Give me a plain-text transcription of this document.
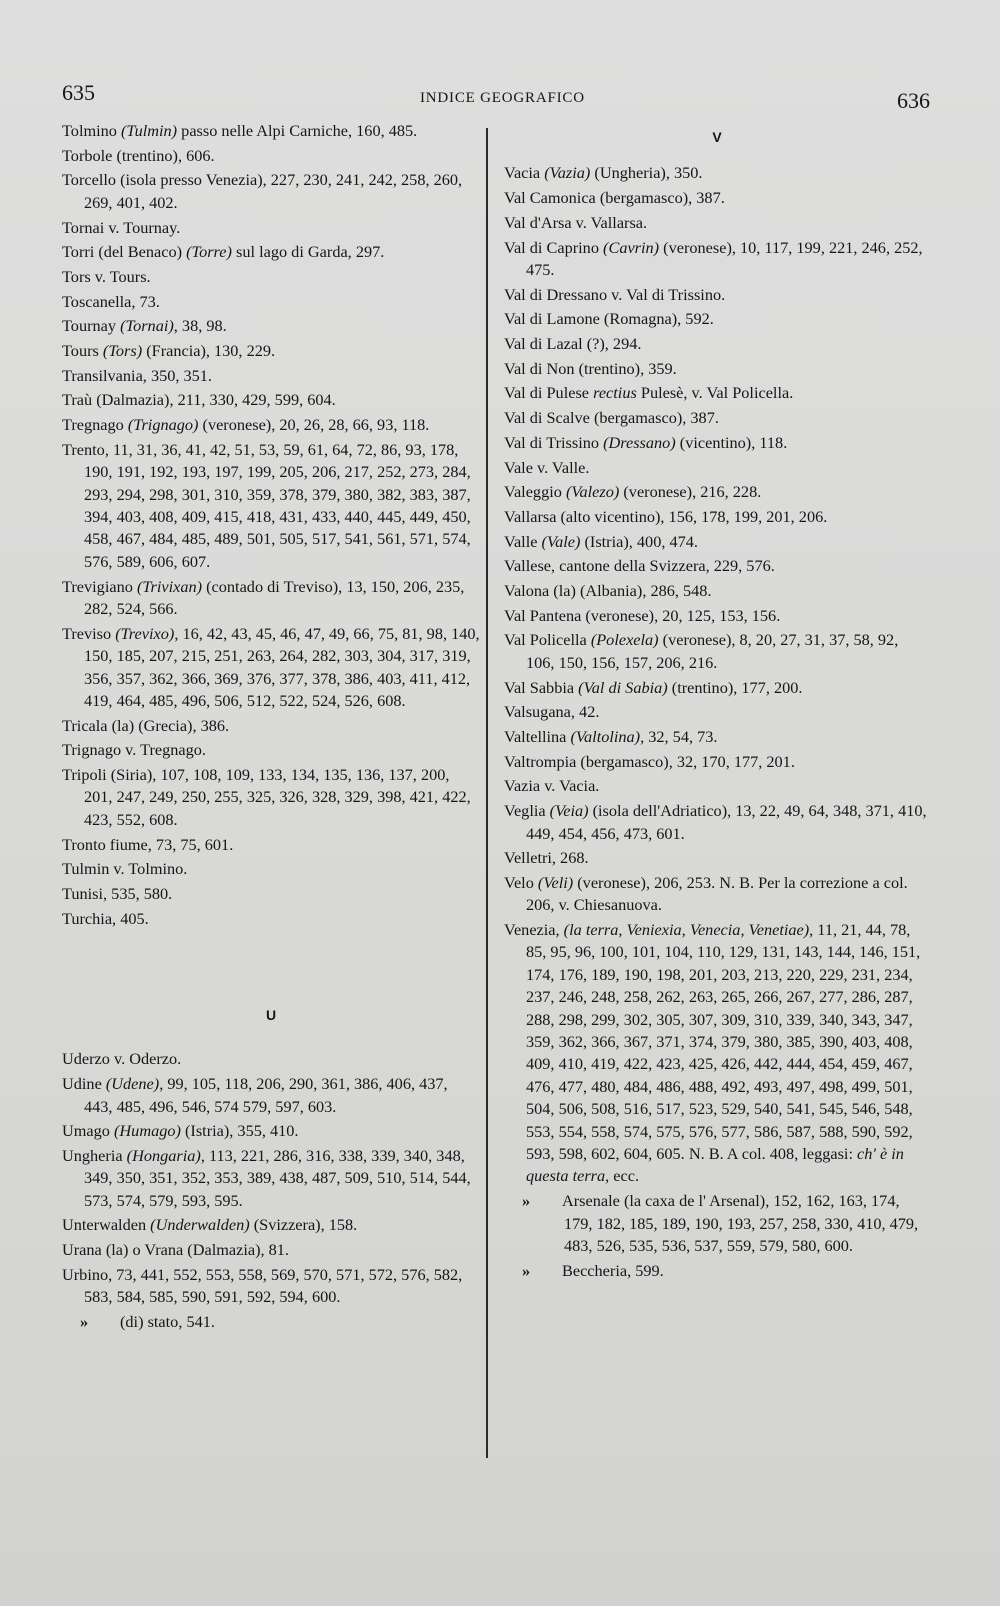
635	INDICE GEOGRAFICO	636
Tolmino (Tulmin) passo nelle Alpi Carniche, 160, 485.
Torbole (trentino), 606.
Torcello (isola presso Venezia), 227, 230, 241, 242, 258, 260, 269, 401, 402.
Tornai v. Tournay.
Torri (del Benaco) (Torre) sul lago di Garda, 297.
Tors v. Tours.
Toscanella, 73.
Tournay (Tornai), 38, 98.
Tours (Tors) (Francia), 130, 229.
Transilvania, 350, 351.
Traù (Dalmazia), 211, 330, 429, 599, 604.
Tregnago (Trignago) (veronese), 20, 26, 28, 66, 93, 118.
Trento, 11, 31, 36, 41, 42, 51, 53, 59, 61, 64, 72, 86, 93, 178, 190, 191, 192, 193, 197, 199, 205, 206, 217, 252, 273, 284, 293, 294, 298, 301, 310, 359, 378, 379, 380, 382, 383, 387, 394, 403, 408, 409, 415, 418, 431, 433, 440, 445, 449, 450, 458, 467, 484, 485, 489, 501, 505, 517, 541, 561, 571, 574, 576, 589, 606, 607.
Trevigiano (Trivixan) (contado di Treviso), 13, 150, 206, 235, 282, 524, 566.
Treviso (Trevixo), 16, 42, 43, 45, 46, 47, 49, 66, 75, 81, 98, 140, 150, 185, 207, 215, 251, 263, 264, 282, 303, 304, 317, 319, 356, 357, 362, 366, 369, 376, 377, 378, 386, 403, 411, 412, 419, 464, 485, 496, 506, 512, 522, 524, 526, 608.
Tricala (la) (Grecia), 386.
Trignago v. Tregnago.
Tripoli (Siria), 107, 108, 109, 133, 134, 135, 136, 137, 200, 201, 247, 249, 250, 255, 325, 326, 328, 329, 398, 421, 422, 423, 552, 608.
Tronto fiume, 73, 75, 601.
Tulmin v. Tolmino.
Tunisi, 535, 580.
Turchia, 405.
U
Uderzo v. Oderzo.
Udine (Udene), 99, 105, 118, 206, 290, 361, 386, 406, 437, 443, 485, 496, 546, 574 579, 597, 603.
Umago (Humago) (Istria), 355, 410.
Ungheria (Hongaria), 113, 221, 286, 316, 338, 339, 340, 348, 349, 350, 351, 352, 353, 389, 438, 487, 509, 510, 514, 544, 573, 574, 579, 593, 595.
Unterwalden (Underwalden) (Svizzera), 158.
Urana (la) o Vrana (Dalmazia), 81.
Urbino, 73, 441, 552, 553, 558, 569, 570, 571, 572, 576, 582, 583, 584, 585, 590, 591, 592, 594, 600.
» (di) stato, 541.
V
Vacia (Vazia) (Ungheria), 350.
Val Camonica (bergamasco), 387.
Val d'Arsa v. Vallarsa.
Val di Caprino (Cavrin) (veronese), 10, 117, 199, 221, 246, 252, 475.
Val di Dressano v. Val di Trissino.
Val di Lamone (Romagna), 592.
Val di Lazal (?), 294.
Val di Non (trentino), 359.
Val di Pulese rectius Pulesè, v. Val Policella.
Val di Scalve (bergamasco), 387.
Val di Trissino (Dressano) (vicentino), 118.
Vale v. Valle.
Valeggio (Valezo) (veronese), 216, 228.
Vallarsa (alto vicentino), 156, 178, 199, 201, 206.
Valle (Vale) (Istria), 400, 474.
Vallese, cantone della Svizzera, 229, 576.
Valona (la) (Albania), 286, 548.
Val Pantena (veronese), 20, 125, 153, 156.
Val Policella (Polexela) (veronese), 8, 20, 27, 31, 37, 58, 92, 106, 150, 156, 157, 206, 216.
Val Sabbia (Val di Sabia) (trentino), 177, 200.
Valsugana, 42.
Valtellina (Valtolina), 32, 54, 73.
Valtrompia (bergamasco), 32, 170, 177, 201.
Vazia v. Vacia.
Veglia (Veia) (isola dell'Adriatico), 13, 22, 49, 64, 348, 371, 410, 449, 454, 456, 473, 601.
Velletri, 268.
Velo (Veli) (veronese), 206, 253. N. B. Per la correzione a col. 206, v. Chiesanuova.
Venezia, (la terra, Veniexia, Venecia, Venetiae), 11, 21, 44, 78, 85, 95, 96, 100, 101, 104, 110, 129, 131, 143, 144, 146, 151, 174, 176, 189, 190, 198, 201, 203, 213, 220, 229, 231, 234, 237, 246, 248, 258, 262, 263, 265, 266, 267, 277, 286, 287, 288, 298, 299, 302, 305, 307, 309, 310, 339, 340, 343, 347, 359, 362, 366, 367, 371, 374, 379, 380, 385, 390, 403, 408, 409, 410, 419, 422, 423, 425, 426, 442, 444, 454, 459, 467, 476, 477, 480, 484, 486, 488, 492, 493, 497, 498, 499, 501, 504, 506, 508, 516, 517, 523, 529, 540, 541, 545, 546, 548, 553, 554, 558, 574, 575, 576, 577, 586, 587, 588, 590, 592, 593, 598, 602, 604, 605. N. B. A col. 408, leggasi: ch' è in questa terra, ecc.
» Arsenale (la caxa de l' Arsenal), 152, 162, 163, 174, 179, 182, 185, 189, 190, 193, 257, 258, 330, 410, 479, 483, 526, 535, 536, 537, 559, 579, 580, 600.
» Beccheria, 599.
